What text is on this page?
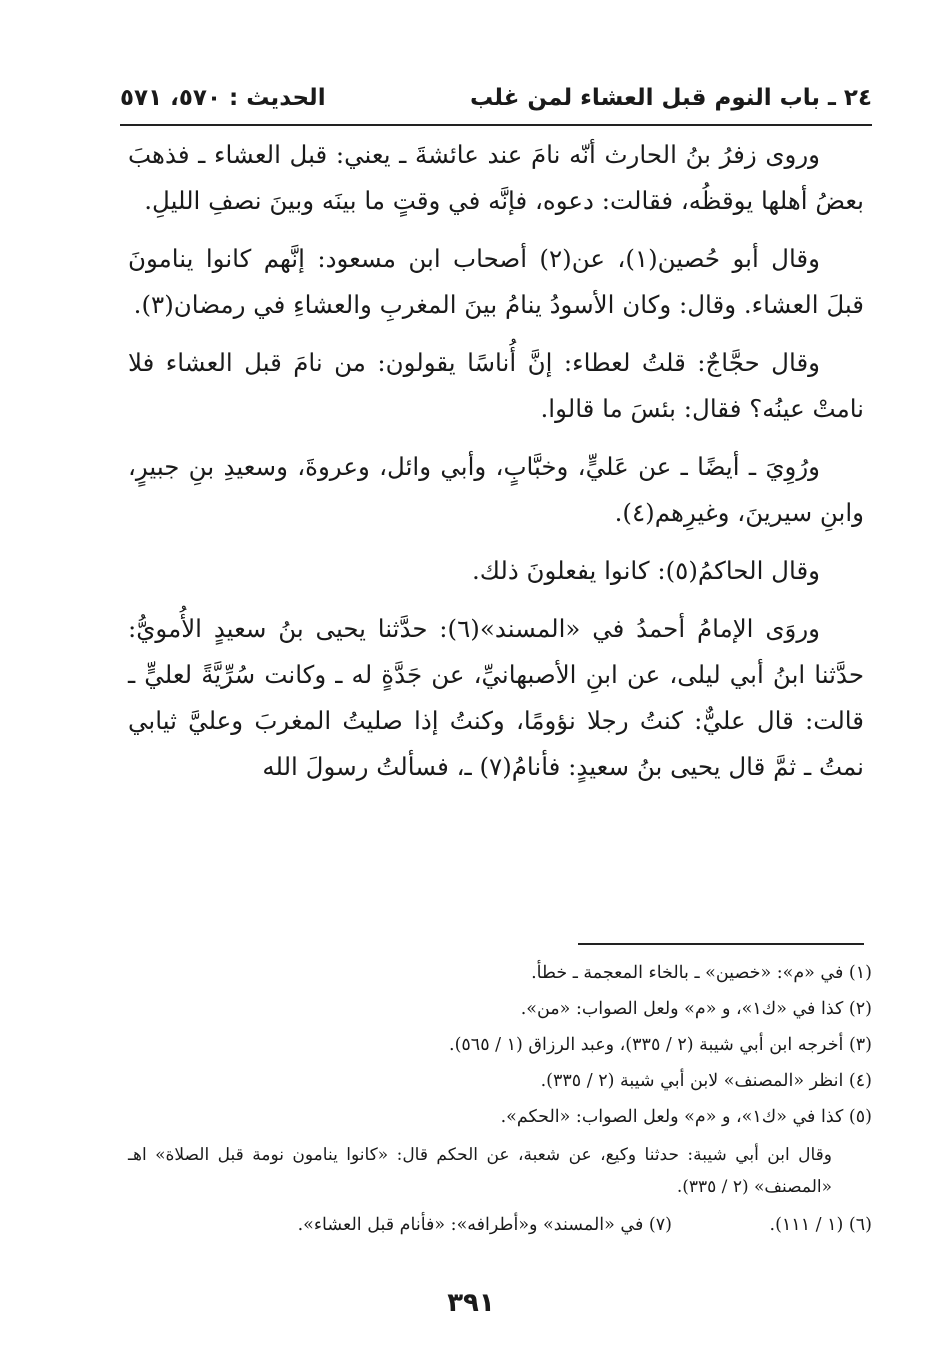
٢٤ ـ باب النوم قبل العشاء لمن غلب
الحديث : ٥٧٠، ٥٧١

وروى زفرُ بنُ الحارث أنّه نامَ عند عائشةَ ـ يعني: قبل العشاء ـ فذهبَ بعضُ أهلها يوقظُه، فقالت: دعوه، فإنَّه في وقتٍ ما بينَه وبينَ نصفِ الليلِ.

وقال أبو حُصين(١)، عن(٢) أصحاب ابن مسعود: إنَّهم كانوا ينامونَ قبلَ العشاء. وقال: وكان الأسودُ ينامُ بينَ المغربِ والعشاءِ في رمضان(٣).

وقال حجَّاجٌ: قلتُ لعطاء: إنَّ أُناسًا يقولون: من نامَ قبل العشاء فلا نامتْ عينُه؟ فقال: بئسَ ما قالوا.

ورُوِيَ ـ أيضًا ـ عن عَليٍّ، وخبَّابٍ، وأبي وائل، وعروةَ، وسعيدِ بنِ جبيرٍ، وابنِ سيرينَ، وغيرِهم(٤).

وقال الحاكمُ(٥): كانوا يفعلونَ ذلك.

وروَى الإمامُ أحمدُ في «المسند»(٦): حدَّثنا يحيى بنُ سعيدٍ الأُمويُّ: حدَّثنا ابنُ أبي ليلى، عن ابنِ الأصبهانيِّ، عن جَدَّةٍ له ـ وكانت سُرِّيَّةً لعليٍّ ـ قالت: قال عليٌّ: كنتُ رجلا نؤومًا، وكنتُ إذا صليتُ المغربَ وعليَّ ثيابي نمتُ ـ ثمَّ قال يحيى بنُ سعيدٍ: فأنامُ(٧) ـ، فسألتُ رسولَ الله

(١) في «م»: «خصين» ـ بالخاء المعجمة ـ خطأ.

(٢) كذا في «ك١»، و «م» ولعل الصواب: «من».

(٣) أخرجه ابن أبي شيبة (٢ / ٣٣٥)، وعبد الرزاق (١ / ٥٦٥).

(٤) انظر «المصنف» لابن أبي شيبة (٢ / ٣٣٥).

(٥) كذا في «ك١»، و «م» ولعل الصواب: «الحكم».

وقال ابن أبي شيبة: حدثنا وكيع، عن شعبة، عن الحكم قال: «كانوا ينامون نومة قبل الصلاة» اهـ «المصنف» (٢ / ٣٣٥).

(٦) (١ / ١١١).
(٧) في «المسند» و«أطرافه»: «فأنام قبل العشاء».
٣٩١
